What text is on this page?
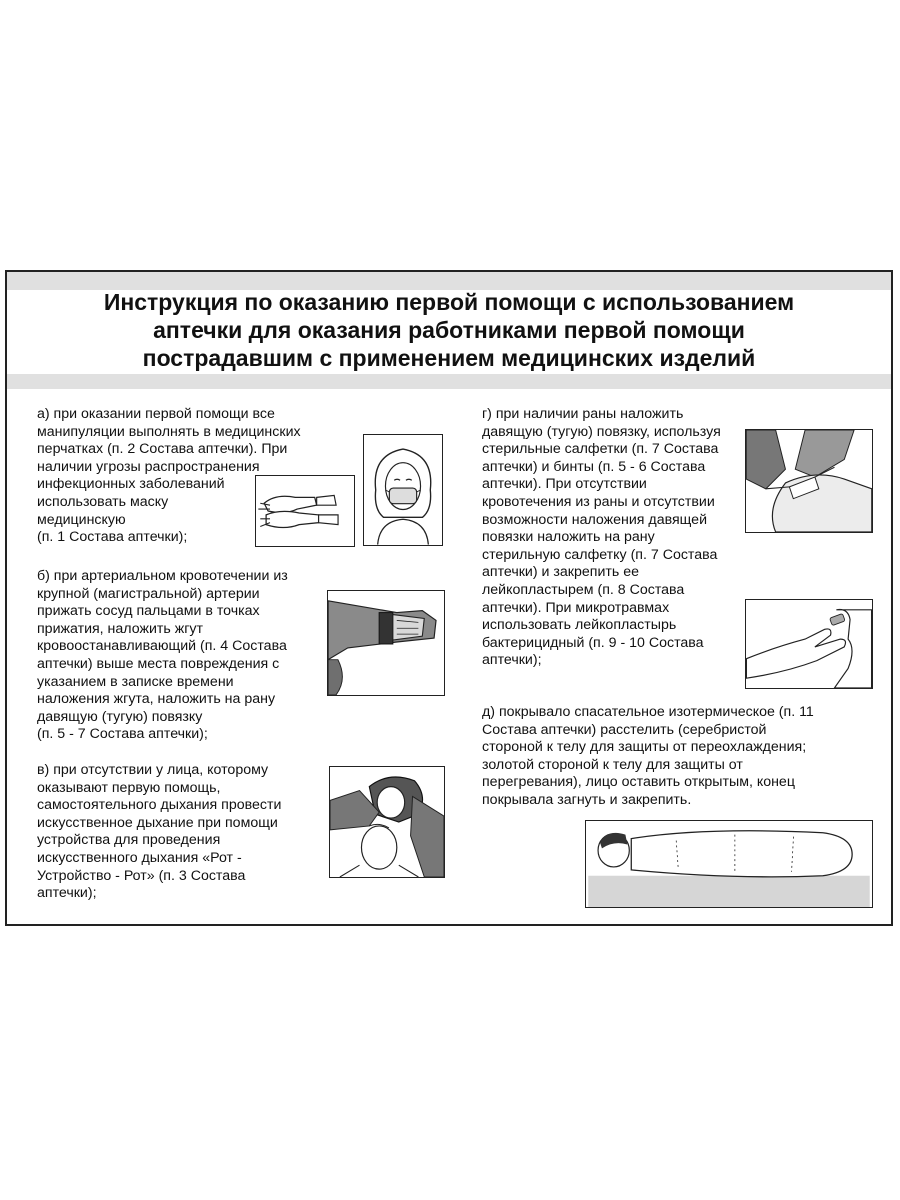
Инструкция по оказанию первой помощи с использованием
аптечки для оказания работниками первой помощи
пострадавшим с применением медицинских изделий
а) при оказании первой помощи все
манипуляции выполнять в медицинских
перчатках (п. 2 Состава аптечки). При
наличии угрозы распространения
инфекционных заболеваний
использовать маску
медицинскую
(п. 1 Состава аптечки);
б) при артериальном кровотечении из
крупной (магистральной) артерии
прижать сосуд пальцами в точках
прижатия, наложить жгут
кровоостанавливающий (п. 4 Состава
аптечки) выше места повреждения с
указанием в записке времени
наложения жгута, наложить на рану
давящую (тугую) повязку
(п. 5 - 7 Состава аптечки);
в) при отсутствии у лица, которому
оказывают первую помощь,
самостоятельного дыхания провести
искусственное дыхание при помощи
устройства для проведения
искусственного дыхания «Рот -
Устройство - Рот» (п. 3 Состава
аптечки);
г) при наличии раны наложить
давящую (тугую) повязку, используя
стерильные салфетки (п. 7 Состава
аптечки) и бинты (п. 5 - 6 Состава
аптечки). При отсутствии
кровотечения из раны и отсутствии
возможности наложения давящей
повязки наложить на рану
стерильную салфетку (п. 7 Состава
аптечки) и закрепить ее
лейкопластырем (п. 8 Состава
аптечки). При микротравмах
использовать лейкопластырь
бактерицидный (п. 9 - 10 Состава
аптечки);
д) покрывало спасательное изотермическое (п. 11
Состава аптечки) расстелить (серебристой
стороной к телу для защиты от переохлаждения;
золотой стороной к телу для защиты от
перегревания), лицо оставить открытым, конец
покрывала загнуть и закрепить.
